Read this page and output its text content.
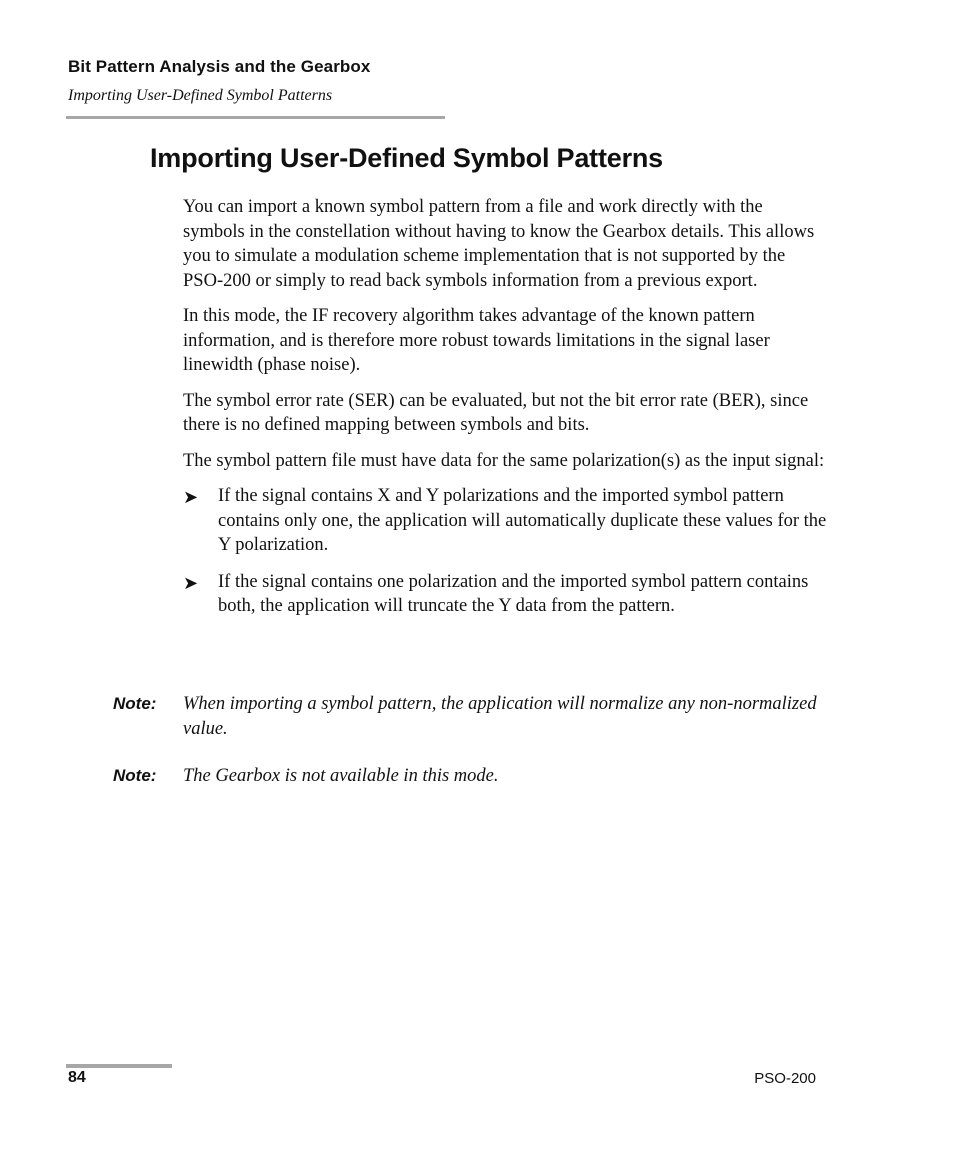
Bit Pattern Analysis and the Gearbox
Importing User-Defined Symbol Patterns
Importing User-Defined Symbol Patterns

You can import a known symbol pattern from a file and work directly with the symbols in the constellation without having to know the Gearbox details. This allows you to simulate a modulation scheme implementation that is not supported by the PSO-200 or simply to read back symbols information from a previous export.

In this mode, the IF recovery algorithm takes advantage of the known pattern information, and is therefore more robust towards limitations in the signal laser linewidth (phase noise).

The symbol error rate (SER) can be evaluated, but not the bit error rate (BER), since there is no defined mapping between symbols and bits.

The symbol pattern file must have data for the same polarization(s) as the input signal:

➤ If the signal contains X and Y polarizations and the imported symbol pattern contains only one, the application will automatically duplicate these values for the Y polarization.
➤ If the signal contains one polarization and the imported symbol pattern contains both, the application will truncate the Y data from the pattern.
Note: When importing a symbol pattern, the application will normalize any non-normalized value.
Note: The Gearbox is not available in this mode.
84	PSO-200
